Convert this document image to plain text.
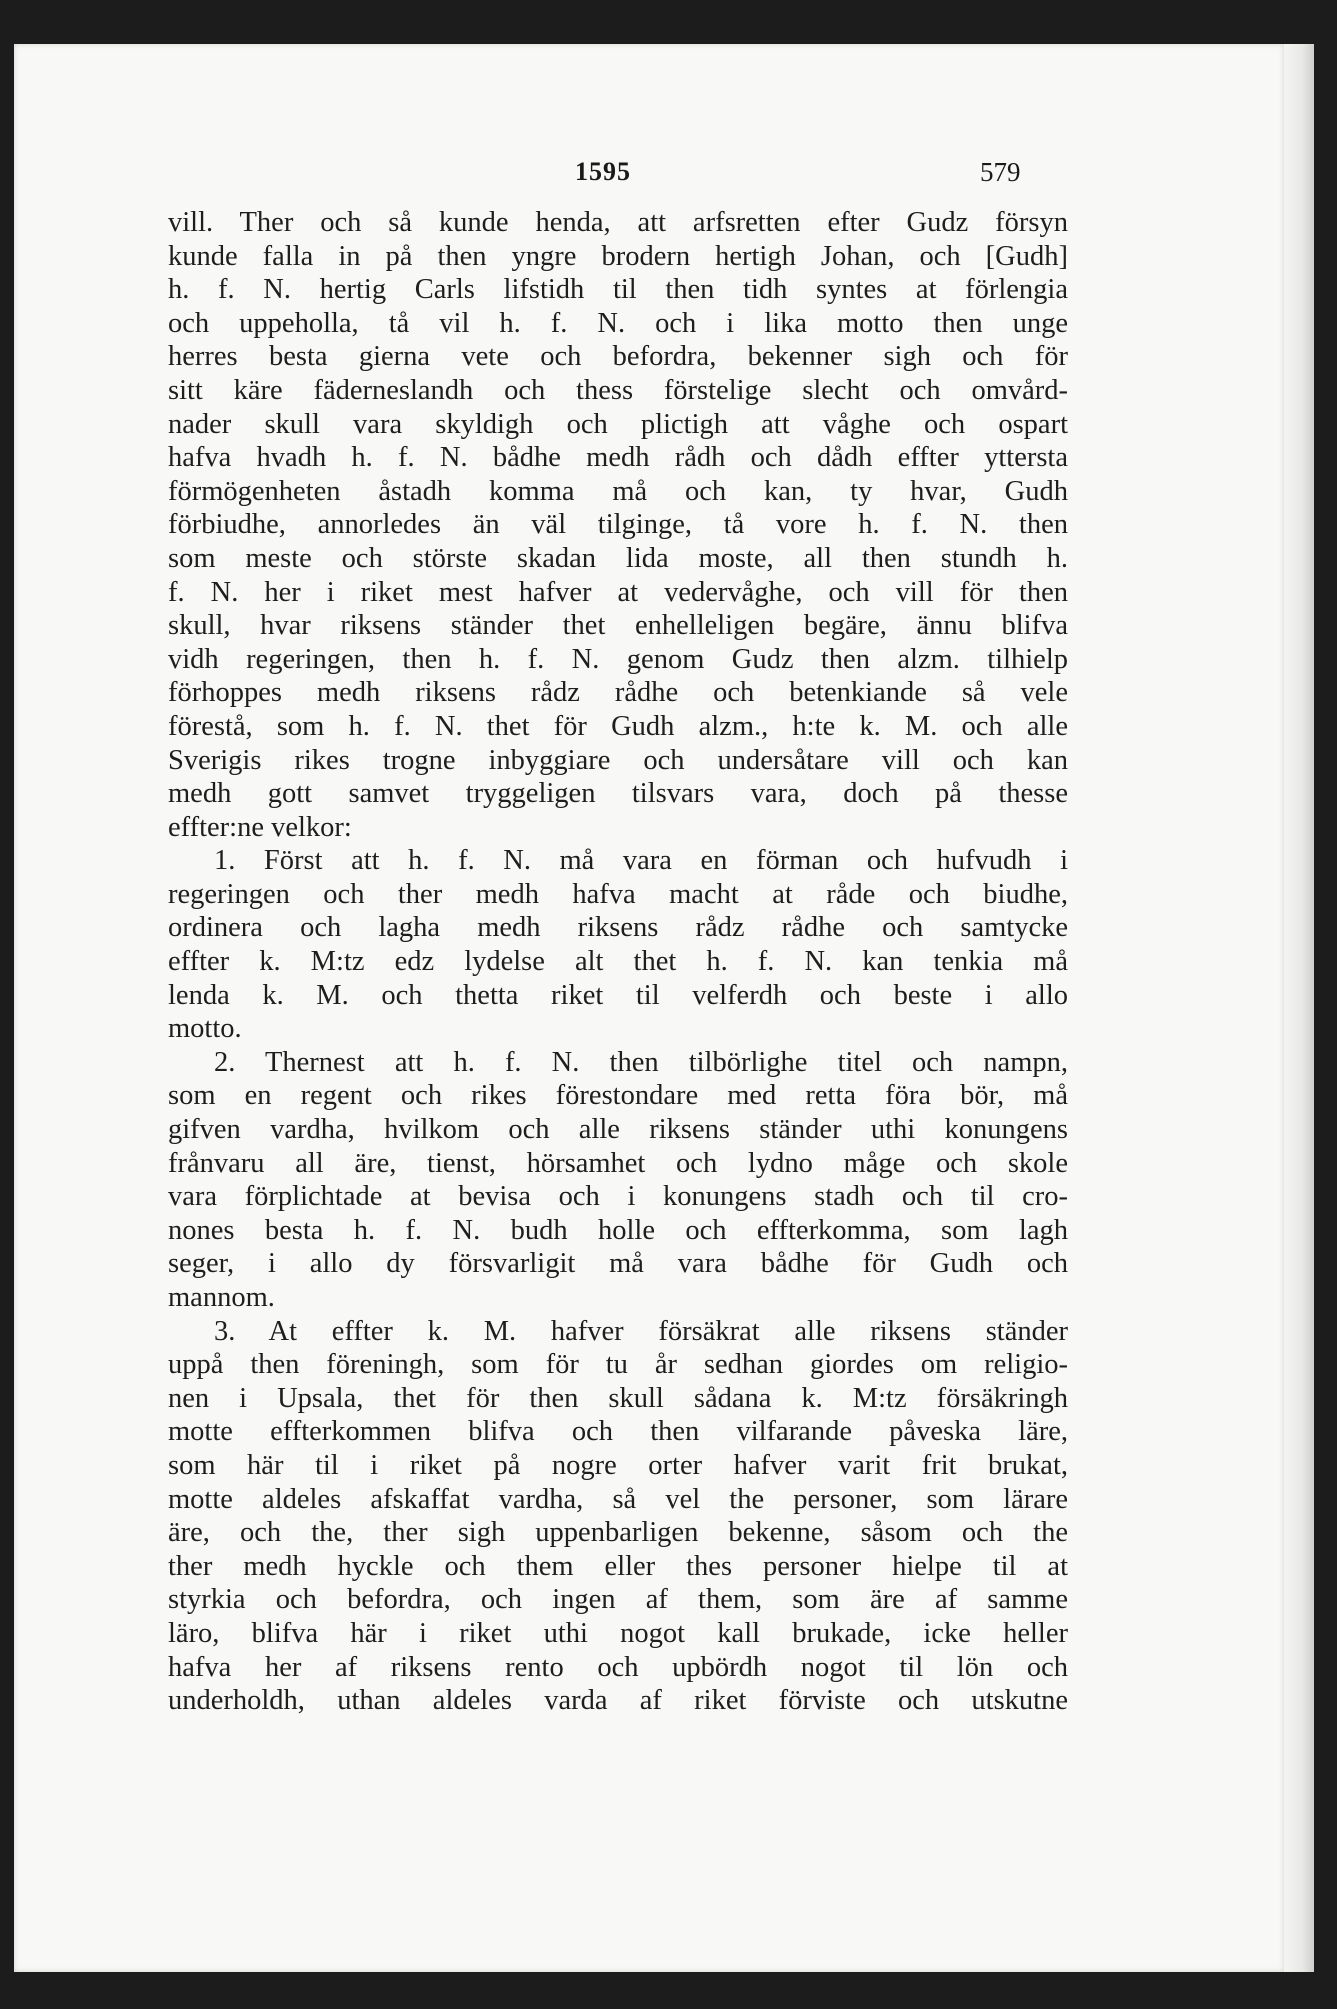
1595	579
vill. Ther och så kunde henda, att arfsretten efter Gudz försyn
kunde falla in på then yngre brodern hertigh Johan, och [Gudh]
h. f. N. hertig Carls lifstidh til then tidh syntes at förlengia
och uppeholla, tå vil h. f. N. och i lika motto then unge
herres besta gierna vete och befordra, bekenner sigh och för
sitt käre fäderneslandh och thess förstelige slecht och omvård-
nader skull vara skyldigh och plictigh att våghe och ospart
hafva hvadh h. f. N. bådhe medh rådh och dådh effter yttersta
förmögenheten åstadh komma må och kan, ty hvar, Gudh
förbiudhe, annorledes än väl tilginge, tå vore h. f. N. then
som meste och störste skadan lida moste, all then stundh h.
f. N. her i riket mest hafver at vedervåghe, och vill för then
skull, hvar riksens ständer thet enhelleligen begäre, ännu blifva
vidh regeringen, then h. f. N. genom Gudz then alzm. tilhielp
förhoppes medh riksens rådz rådhe och betenkiande så vele
förestå, som h. f. N. thet för Gudh alzm., h:te k. M. och alle
Sverigis rikes trogne inbyggiare och undersåtare vill och kan
medh gott samvet tryggeligen tilsvars vara, doch på thesse
effter:ne velkor:
1. Först att h. f. N. må vara en förman och hufvudh i
regeringen och ther medh hafva macht at råde och biudhe,
ordinera och lagha medh riksens rådz rådhe och samtycke
effter k. M:tz edz lydelse alt thet h. f. N. kan tenkia må
lenda k. M. och thetta riket til velferdh och beste i allo
motto.
2. Thernest att h. f. N. then tilbörlighe titel och nampn,
som en regent och rikes förestondare med retta föra bör, må
gifven vardha, hvilkom och alle riksens ständer uthi konungens
frånvaru all äre, tienst, hörsamhet och lydno måge och skole
vara förplichtade at bevisa och i konungens stadh och til cro-
nones besta h. f. N. budh holle och effterkomma, som lagh
seger, i allo dy försvarligit må vara bådhe för Gudh och
mannom.
3. At effter k. M. hafver försäkrat alle riksens ständer
uppå then föreningh, som för tu år sedhan giordes om religio-
nen i Upsala, thet för then skull sådana k. M:tz försäkringh
motte effterkommen blifva och then vilfarande påveska läre,
som här til i riket på nogre orter hafver varit frit brukat,
motte aldeles afskaffat vardha, så vel the personer, som lärare
äre, och the, ther sigh uppenbarligen bekenne, såsom och the
ther medh hyckle och them eller thes personer hielpe til at
styrkia och befordra, och ingen af them, som äre af samme
läro, blifva här i riket uthi nogot kall brukade, icke heller
hafva her af riksens rento och upbördh nogot til lön och
underholdh, uthan aldeles varda af riket förviste och utskutne
